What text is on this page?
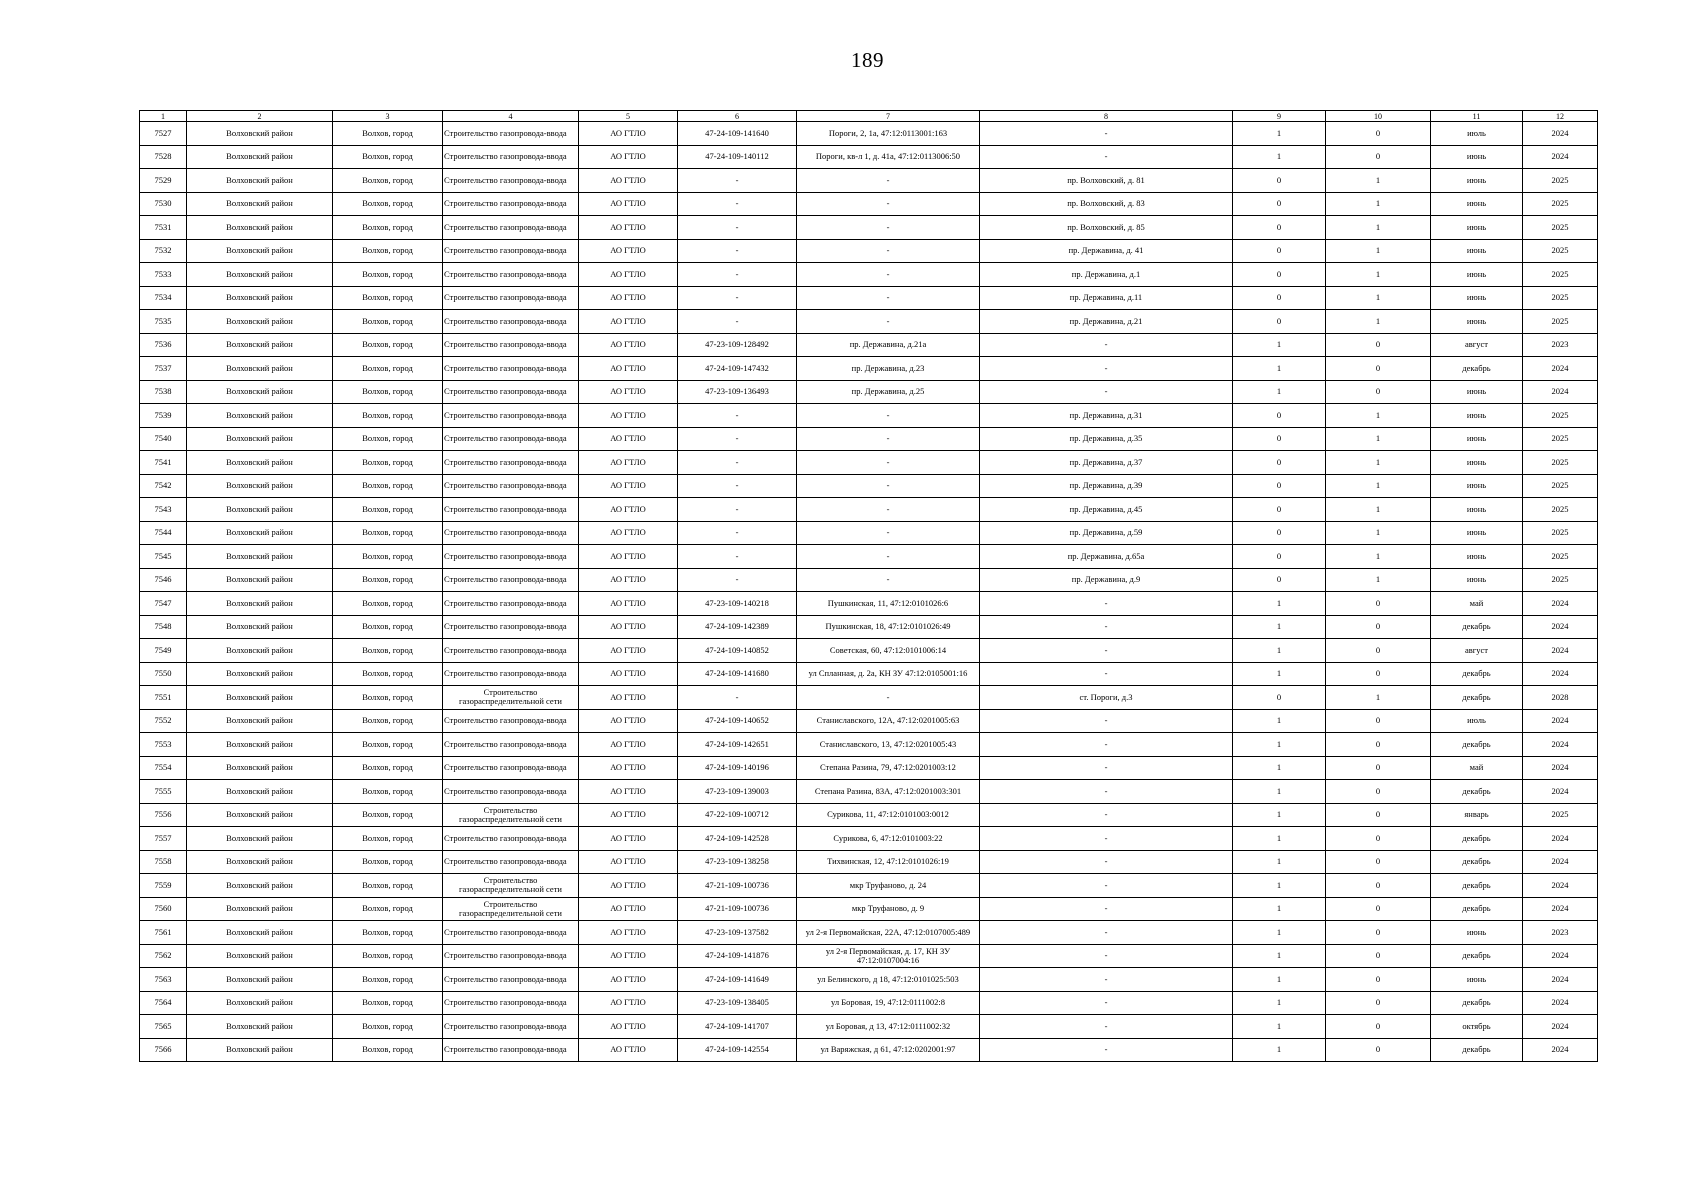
189
1	2	3	4	5	6	7	8	9	10	11	12
7527	Волховский район	Волхов, город	Строительство газопровода-ввода	АО ГТЛО	47-24-109-141640	Пороги, 2, 1a, 47:12:0113001:163	-	1	0	июль	2024
7528	Волховский район	Волхов, город	Строительство газопровода-ввода	АО ГТЛО	47-24-109-140112	Пороги, кв-л 1, д. 41а, 47:12:0113006:50	-	1	0	июнь	2024
7529	Волховский район	Волхов, город	Строительство газопровода-ввода	АО ГТЛО	-	-	пр. Волховский, д. 81	0	1	июнь	2025
7530	Волховский район	Волхов, город	Строительство газопровода-ввода	АО ГТЛО	-	-	пр. Волховский, д. 83	0	1	июнь	2025
7531	Волховский район	Волхов, город	Строительство газопровода-ввода	АО ГТЛО	-	-	пр. Волховский, д. 85	0	1	июнь	2025
7532	Волховский район	Волхов, город	Строительство газопровода-ввода	АО ГТЛО	-	-	пр. Державина, д. 41	0	1	июнь	2025
7533	Волховский район	Волхов, город	Строительство газопровода-ввода	АО ГТЛО	-	-	пр. Державина, д.1	0	1	июнь	2025
7534	Волховский район	Волхов, город	Строительство газопровода-ввода	АО ГТЛО	-	-	пр. Державина, д.11	0	1	июнь	2025
7535	Волховский район	Волхов, город	Строительство газопровода-ввода	АО ГТЛО	-	-	пр. Державина, д.21	0	1	июнь	2025
7536	Волховский район	Волхов, город	Строительство газопровода-ввода	АО ГТЛО	47-23-109-128492	пр. Державина, д.21а	-	1	0	август	2023
7537	Волховский район	Волхов, город	Строительство газопровода-ввода	АО ГТЛО	47-24-109-147432	пр. Державина, д.23	-	1	0	декабрь	2024
7538	Волховский район	Волхов, город	Строительство газопровода-ввода	АО ГТЛО	47-23-109-136493	пр. Державина, д.25	-	1	0	июнь	2024
7539	Волховский район	Волхов, город	Строительство газопровода-ввода	АО ГТЛО	-	-	пр. Державина, д.31	0	1	июнь	2025
7540	Волховский район	Волхов, город	Строительство газопровода-ввода	АО ГТЛО	-	-	пр. Державина, д.35	0	1	июнь	2025
7541	Волховский район	Волхов, город	Строительство газопровода-ввода	АО ГТЛО	-	-	пр. Державина, д.37	0	1	июнь	2025
7542	Волховский район	Волхов, город	Строительство газопровода-ввода	АО ГТЛО	-	-	пр. Державина, д.39	0	1	июнь	2025
7543	Волховский район	Волхов, город	Строительство газопровода-ввода	АО ГТЛО	-	-	пр. Державина, д.45	0	1	июнь	2025
7544	Волховский район	Волхов, город	Строительство газопровода-ввода	АО ГТЛО	-	-	пр. Державина, д.59	0	1	июнь	2025
7545	Волховский район	Волхов, город	Строительство газопровода-ввода	АО ГТЛО	-	-	пр. Державина, д.65а	0	1	июнь	2025
7546	Волховский район	Волхов, город	Строительство газопровода-ввода	АО ГТЛО	-	-	пр. Державина, д.9	0	1	июнь	2025
7547	Волховский район	Волхов, город	Строительство газопровода-ввода	АО ГТЛО	47-23-109-140218	Пушкинская, 11, 47:12:0101026:6	-	1	0	май	2024
7548	Волховский район	Волхов, город	Строительство газопровода-ввода	АО ГТЛО	47-24-109-142389	Пушкинская, 18, 47:12:0101026:49	-	1	0	декабрь	2024
7549	Волховский район	Волхов, город	Строительство газопровода-ввода	АО ГТЛО	47-24-109-140852	Советская, 60, 47:12:0101006:14	-	1	0	август	2024
7550	Волховский район	Волхов, город	Строительство газопровода-ввода	АО ГТЛО	47-24-109-141680	ул Спланная, д. 2а, КН ЗУ 47:12:0105001:16	-	1	0	декабрь	2024
7551	Волховский район	Волхов, город	Строительство газораспределительной сети	АО ГТЛО	-	-	ст. Пороги, д.3	0	1	декабрь	2028
7552	Волховский район	Волхов, город	Строительство газопровода-ввода	АО ГТЛО	47-24-109-140652	Станиславского, 12А, 47:12:0201005:63	-	1	0	июль	2024
7553	Волховский район	Волхов, город	Строительство газопровода-ввода	АО ГТЛО	47-24-109-142651	Станиславского, 13, 47:12:0201005:43	-	1	0	декабрь	2024
7554	Волховский район	Волхов, город	Строительство газопровода-ввода	АО ГТЛО	47-24-109-140196	Степана Разина, 79, 47:12:0201003:12	-	1	0	май	2024
7555	Волховский район	Волхов, город	Строительство газопровода-ввода	АО ГТЛО	47-23-109-139003	Степана Разина, 83А, 47:12:0201003:301	-	1	0	декабрь	2024
7556	Волховский район	Волхов, город	Строительство газораспределительной сети	АО ГТЛО	47-22-109-100712	Сурикова, 11, 47:12:0101003:0012	-	1	0	январь	2025
7557	Волховский район	Волхов, город	Строительство газопровода-ввода	АО ГТЛО	47-24-109-142528	Сурикова, 6, 47:12:0101003:22	-	1	0	декабрь	2024
7558	Волховский район	Волхов, город	Строительство газопровода-ввода	АО ГТЛО	47-23-109-138258	Тихвинская, 12, 47:12:0101026:19	-	1	0	декабрь	2024
7559	Волховский район	Волхов, город	Строительство газораспределительной сети	АО ГТЛО	47-21-109-100736	мкр Труфаново, д. 24	-	1	0	декабрь	2024
7560	Волховский район	Волхов, город	Строительство газораспределительной сети	АО ГТЛО	47-21-109-100736	мкр Труфаново, д. 9	-	1	0	декабрь	2024
7561	Волховский район	Волхов, город	Строительство газопровода-ввода	АО ГТЛО	47-23-109-137582	ул 2-я Первомайская, 22А, 47:12:0107005:489	-	1	0	июнь	2023
7562	Волховский район	Волхов, город	Строительство газопровода-ввода	АО ГТЛО	47-24-109-141876	ул 2-я Первомайская, д. 17, КН ЗУ 47:12:0107004:16	-	1	0	декабрь	2024
7563	Волховский район	Волхов, город	Строительство газопровода-ввода	АО ГТЛО	47-24-109-141649	ул Белинского, д 18, 47:12:0101025:503	-	1	0	июнь	2024
7564	Волховский район	Волхов, город	Строительство газопровода-ввода	АО ГТЛО	47-23-109-138405	ул Боровая, 19, 47:12:0111002:8	-	1	0	декабрь	2024
7565	Волховский район	Волхов, город	Строительство газопровода-ввода	АО ГТЛО	47-24-109-141707	ул Боровая, д 13, 47:12:0111002:32	-	1	0	октябрь	2024
7566	Волховский район	Волхов, город	Строительство газопровода-ввода	АО ГТЛО	47-24-109-142554	ул Варяжская, д 61, 47:12:0202001:97	-	1	0	декабрь	2024
